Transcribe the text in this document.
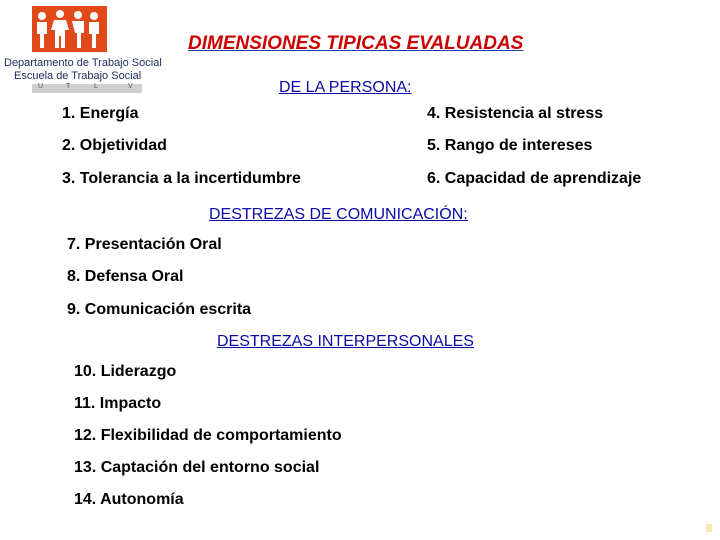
Departamento de Trabajo Social
Escuela de Trabajo Social
U	T	L	V
DIMENSIONES TIPICAS EVALUADAS
DE LA PERSONA:
1. Energía
2. Objetividad
3. Tolerancia a la incertidumbre
4. Resistencia al stress
5. Rango de intereses
6. Capacidad de aprendizaje
DESTREZAS DE COMUNICACIÓN:
7. Presentación Oral
8. Defensa Oral
9. Comunicación escrita
DESTREZAS INTERPERSONALES
10. Liderazgo
11. Impacto
12. Flexibilidad de comportamiento
13. Captación del entorno social
14. Autonomía
